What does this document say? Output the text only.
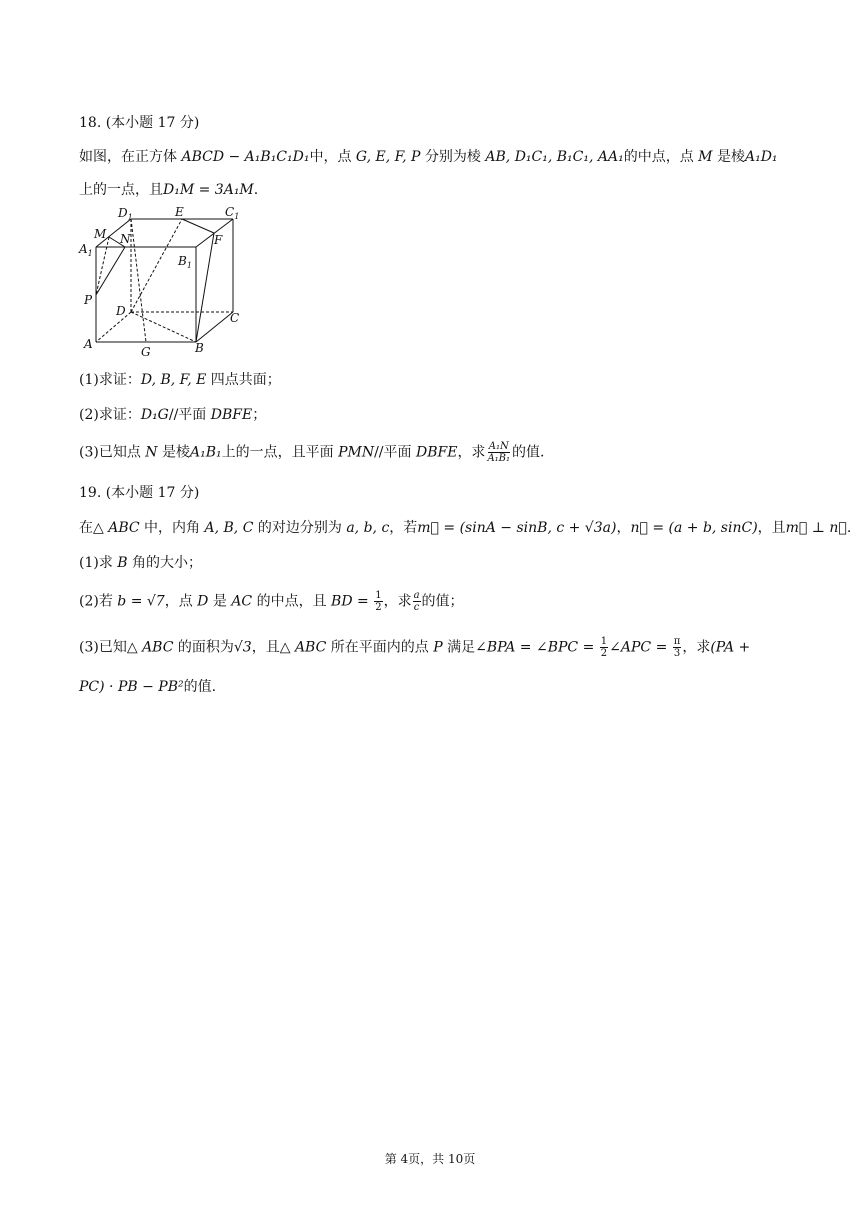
18. (本小题 17 分)
如图，在正方体 ABCD − A₁B₁C₁D₁中，点 G, E, F, P 分别为棱 AB, D₁C₁, B₁C₁, AA₁的中点，点 M 是棱A₁D₁
上的一点，且D₁M = 3A₁M.
$D_1$	E	$C_1$
M N	F
$A_1$
$B_1$
P
D	C
A
G	B
(1)求证：D, B, F, E 四点共面；
(2)求证：D₁G//平面 DBFE；
(3)已知点 N 是棱A₁B₁上的一点，且平面 PMN//平面 DBFE，求 $\frac{\text{A₁N}}{\text{A₁B₁}}$ 的值.
19. (本小题 17 分)
在△ ABC 中，内角 A, B, C 的对边分别为 a, b, c，若m⃗ = (sinA − sinB, c + √3a)，n⃗ = (a + b, sinC)，且m⃗ ⊥ n⃗.
(1)求 B 角的大小；
(2)若 b = √7，点 D 是 AC 的中点，且 BD = $\frac{1}{2}$ ，求 $\frac{a}{c}$ 的值；
(3)已知△ ABC 的面积为√3，且△ ABC 所在平面内的点 P 满足∠BPA = ∠BPC = $\frac{1}{2}$ ∠APC = $\frac{\pi}{3}$ ，求(PA +
PC) · PB − PB²的值.
第 4页，共 10页
